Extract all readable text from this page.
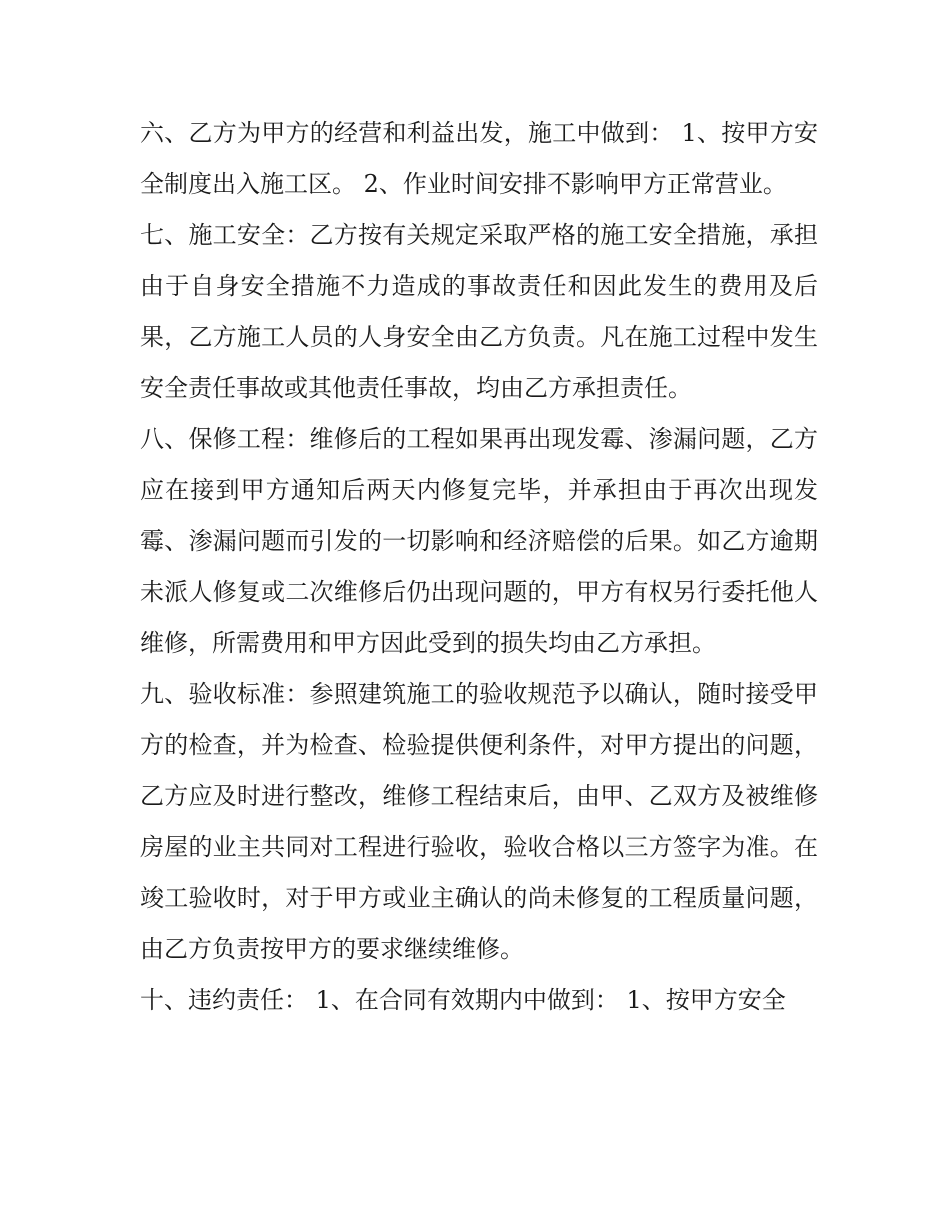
六、乙方为甲方的经营和利益出发，施工中做到： 1、按甲方安全制度出入施工区。 2、作业时间安排不影响甲方正常营业。

七、施工安全：乙方按有关规定采取严格的施工安全措施，承担由于自身安全措施不力造成的事故责任和因此发生的费用及后果，乙方施工人员的人身安全由乙方负责。凡在施工过程中发生安全责任事故或其他责任事故，均由乙方承担责任。

八、保修工程：维修后的工程如果再出现发霉、渗漏问题，乙方应在接到甲方通知后两天内修复完毕，并承担由于再次出现发霉、渗漏问题而引发的一切影响和经济赔偿的后果。如乙方逾期未派人修复或二次维修后仍出现问题的，甲方有权另行委托他人维修，所需费用和甲方因此受到的损失均由乙方承担。

九、验收标准：参照建筑施工的验收规范予以确认，随时接受甲方的检查，并为检查、检验提供便利条件，对甲方提出的问题，乙方应及时进行整改，维修工程结束后，由甲、乙双方及被维修房屋的业主共同对工程进行验收，验收合格以三方签字为准。在竣工验收时，对于甲方或业主确认的尚未修复的工程质量问题，由乙方负责按甲方的要求继续维修。

十、违约责任： 1、在合同有效期内中做到： 1、按甲方安全
